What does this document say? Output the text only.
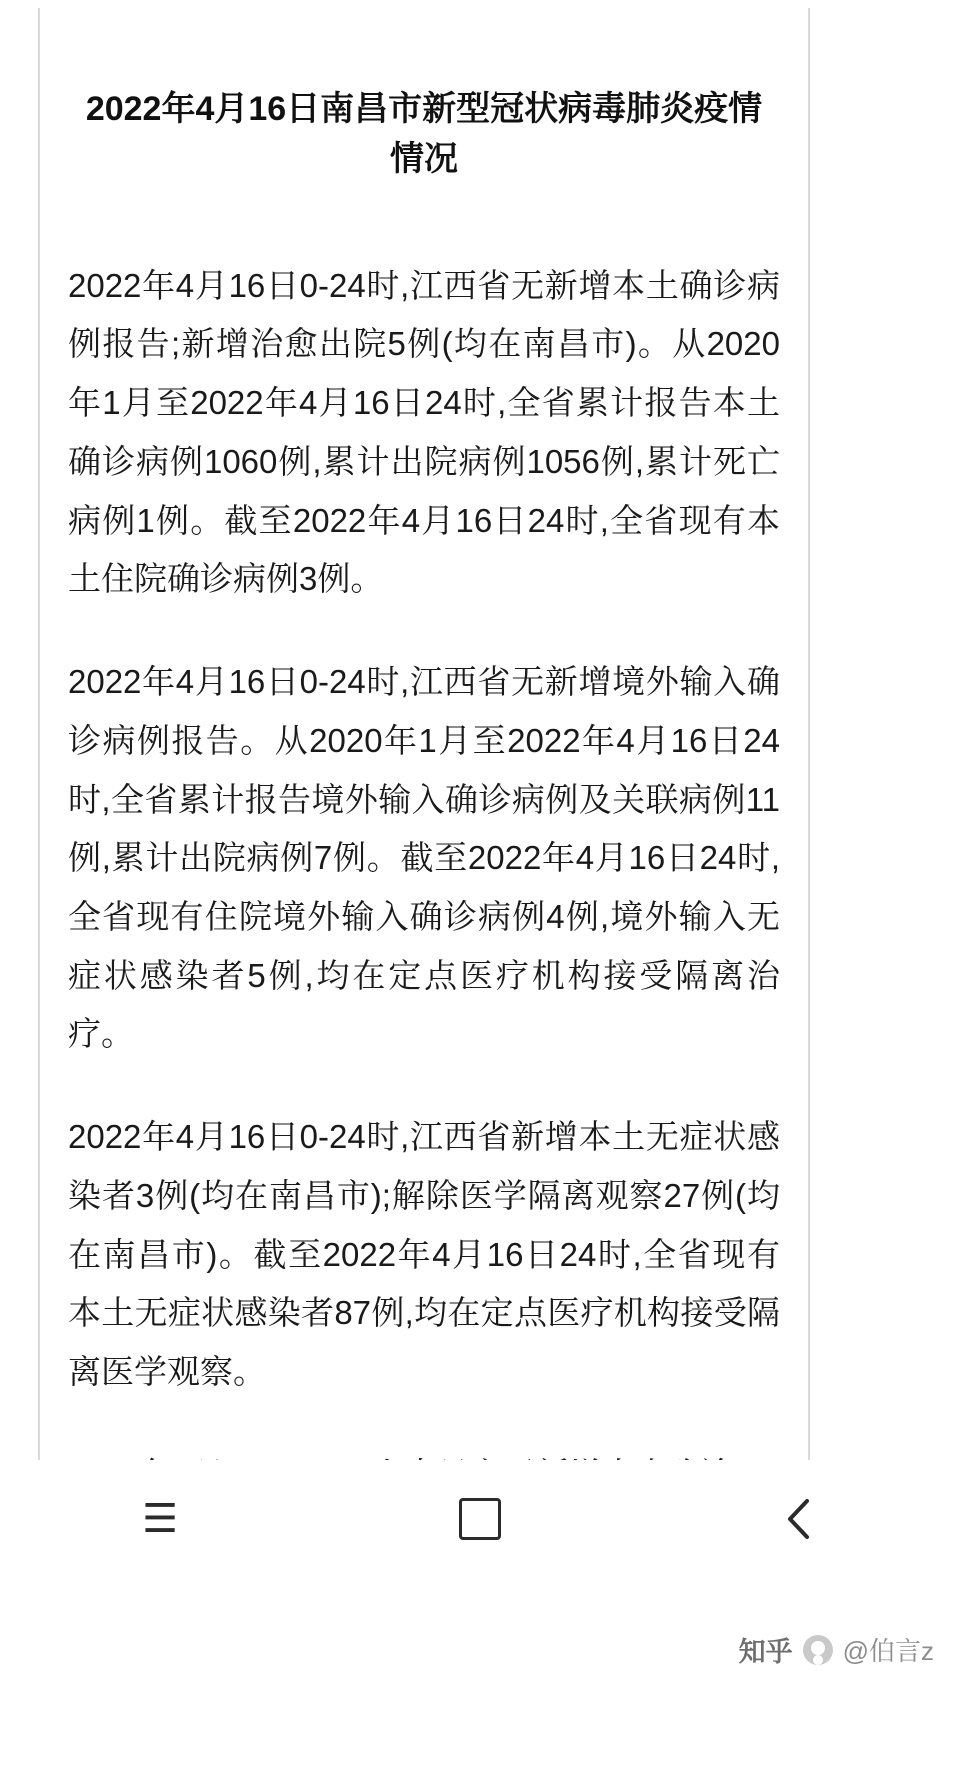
2022年4月16日南昌市新型冠状病毒肺炎疫情情况

2022年4月16日0-24时,江西省无新增本土确诊病例报告;新增治愈出院5例(均在南昌市)。从2020年1月至2022年4月16日24时,全省累计报告本土确诊病例1060例,累计出院病例1056例,累计死亡病例1例。截至2022年4月16日24时,全省现有本土住院确诊病例3例。

2022年4月16日0-24时,江西省无新增境外输入确诊病例报告。从2020年1月至2022年4月16日24时,全省累计报告境外输入确诊病例及关联病例11例,累计出院病例7例。截至2022年4月16日24时,全省现有住院境外输入确诊病例4例,境外输入无症状感染者5例,均在定点医疗机构接受隔离治疗。

2022年4月16日0-24时,江西省新增本土无症状感染者3例(均在南昌市);解除医学隔离观察27例(均在南昌市)。截至2022年4月16日24时,全省现有本土无症状感染者87例,均在定点医疗机构接受隔离医学观察。

☰
知乎 @伯言z
